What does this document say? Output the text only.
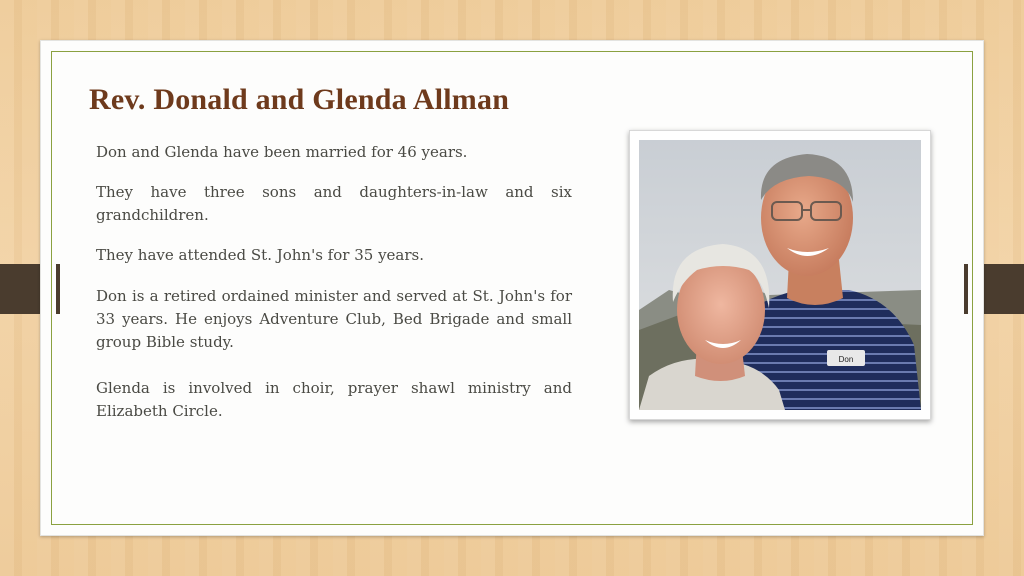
Rev. Donald and Glenda Allman

Don and Glenda have been married for 46 years.

They have three sons and daughters-in-law and six grandchildren.

They have attended St. John's for 35 years.

Don is a retired ordained minister and served at St. John's for 33 years. He enjoys Adventure Club, Bed Brigade and small group Bible study.

Glenda is involved in choir, prayer shawl ministry and Elizabeth Circle.

Don
